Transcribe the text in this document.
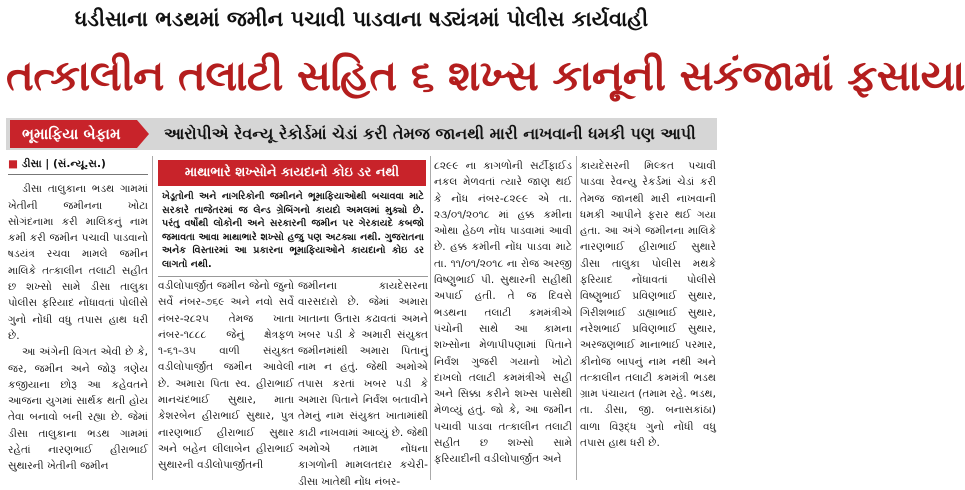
ધડીસાના ભડથમાં જમીન પચાવી પાડવાના ષડ્યંત્રમાં પોલીસ કાર્યવાહી
તત્કાલીન તલાટી સહિત ૬ શખ્સ કાનૂની સકંજામાં ફસાયા
ભૂમાફિયા બેફામ	આરોપીએ રેવન્યૂ રેકોર્ડમાં ચેડાં કરી તેમજ જાનથી મારી નાખવાની ધમકી પણ આપી
■ ડીસા | (સં.ન્યૂ.સ.)
ડીસા તાલુકાના ભડથ ગામમાં ખેતીની જમીનના ખોટા સોગંદનામા કરી માલિકનું નામ કમી કરી જમીન પચાવી પાડવાનો ષડયંત્ર રચવા મામલે જમીન માલિકે તત્કાલીન તલાટી સહીત છ શખ્સો સામે ડીસા તાલુકા પોલીસ ફરિયાદ નોંધાવતાં પોલીસે ગુનો નોંધી વધુ તપાસ હાથ ધરી છે.
આ અંગેની વિગત એવી છે કે, જર, જમીન અને જોરૂ ત્રણેય કજીયાના છોરૂ આ કહેવતને આજના યુગમાં સાર્થક થતી હોય તેવા બનાવો બની રહ્યા છે. જેમાં ડીસા તાલુકાના ભડથ ગામમાં રહેતાં નારણભાઈ હીરાભાઈ સુથારની ખેતીની જમીન
માથાભારે શખ્સોને કાયદાનો કોઇ ડર નથી
ખેડૂતોની અને નાગરિકોની જમીનને ભૂમાફિયાઓથી બચાવવા માટે સરકારે તાજેતરમાં જ લેન્ડ ગ્રેબિંગનો કાયદો અમલમાં મુક્યો છે. પરંતુ વર્ષોથી લોકોની અને સરકારની જમીન પર ગેરકાયદે કબજો જમાવતા આવા માથાભારે શખ્સો હજુ પણ અટક્યા નથી. ગુજરાતના અનેક વિસ્તારમાં આ પ્રકારના ભૂમાફિયાઓને કાયદાનો કોઇ ડર લાગતો નથી.
વડીલોપાર્જીત જમીન જેનો જુનો સર્વે નંબર-૭૬૯ અને નવો સર્વે નંબર-૨૮૨૫ તેમજ ખાતા નંબર-૧૮૮૮ જેનું ક્ષેત્રફળ ૧-૬૧-૩૫ વાળી સંયુક્ત વડીલોપાર્જીત જમીન આવેલી છે. અમારા પિતા સ્વ. હીરાભાઈ માનચંદભાઈ સુથાર, માતા કેશરબેન હીરાભાઈ સુથાર, પુત્ર નારણભાઈ હીરાભાઈ સુથાર અને બહેન લીલાબેન હીરાભાઈ સુથારની વડીલોપાર્જીતની
જમીનના કાયદેસરના વારસદારો છે. જેમાં અમારા ખાતાના ઉતારા કઢાવતાં અમને ખબર પડી કે અમારી સંયુક્ત જમીનમાંથી અમારા પિતાનું નામ ન હતું. જેથી અમોએ તપાસ કરતાં ખબર પડી કે અમારા પિતાને નિર્વંશ બતાવીને તેમનું નામ સંયુક્ત ખાતામાંથી કાઢી નાખવામાં આવ્યું છે. જેથી અમોએ તમામ નોંધના કાગળોની મામલતદાર કચેરી-ડીસા ખાતેથી નોંધ નંબર-
૮૨૯૯ ના કાગળોની સર્ટીફાઈડ નકલ મેળવતાં ત્યારે જાણ થઈ કે નોંધ નંબર-૮૨૯૯ એ તા. ૨૩/૦૧/૨૦૧૮ માં હક્ક કમીના ઓથા હેઠળ નોંધ પાડવામાં આવી છે. હક્ક કમીની નોંધ પાડવા માટે તા. ૧૧/૦૧/૨૦૧૮ ના રોજ અરજી વિષ્ણુભાઈ પી. સુથારની સહીથી અપાઈ હતી. તે જ દિવસે ભડથના તલાટી કમમંત્રીએ પંચોની સાથે આ કામના શખ્સોના મેળાપીપણામાં પિતાને નિર્વંશ ગુજરી ગયાનો ખોટો દાખલો તલાટી કમમંત્રીએ સહી અને સિક્કા કરીને શખ્સ પાસેથી મેળવ્યું હતું. જો કે, આ જમીન પચાવી પાડવા તત્કાલીન તલાટી સહીત છ શખ્સો સામે ફરિયાદીની વડીલોપાર્જીત અને
કાયદેસરની મિલ્કત પચાવી પાડવા રેવન્યુ રેકર્ડમાં ચેડાં કરી તેમજ જાનથી મારી નાખવાની ધમકી આપીને ફરાર થઈ ગયા હતા. આ અંગે જમીનના માલિકે નારણભાઈ હીરાભાઈ સુથારે ડીસા તાલુકા પોલીસ મથકે ફરિયાદ નોંધાવતાં પોલીસે વિષ્ણુભાઈ પ્રવિણભાઈ સુથાર, ગિરીશભાઈ ડાહ્યાભાઈ સુથાર, નરેશભાઈ પ્રવિણભાઈ સુથાર, અરજણભાઈ માનાભાઈ પરમાર, કીનોજ બાપનું નામ નથી અને તત્કાલીન તલાટી કમમંત્રી ભડથ ગ્રામ પંચાયત (તમામ રહે. ભડથ, તા. ડીસા, જી. બનાસકાંઠા) વાળા વિરૂદ્ધ ગુનો નોંધી વધુ તપાસ હાથ ધરી છે.
